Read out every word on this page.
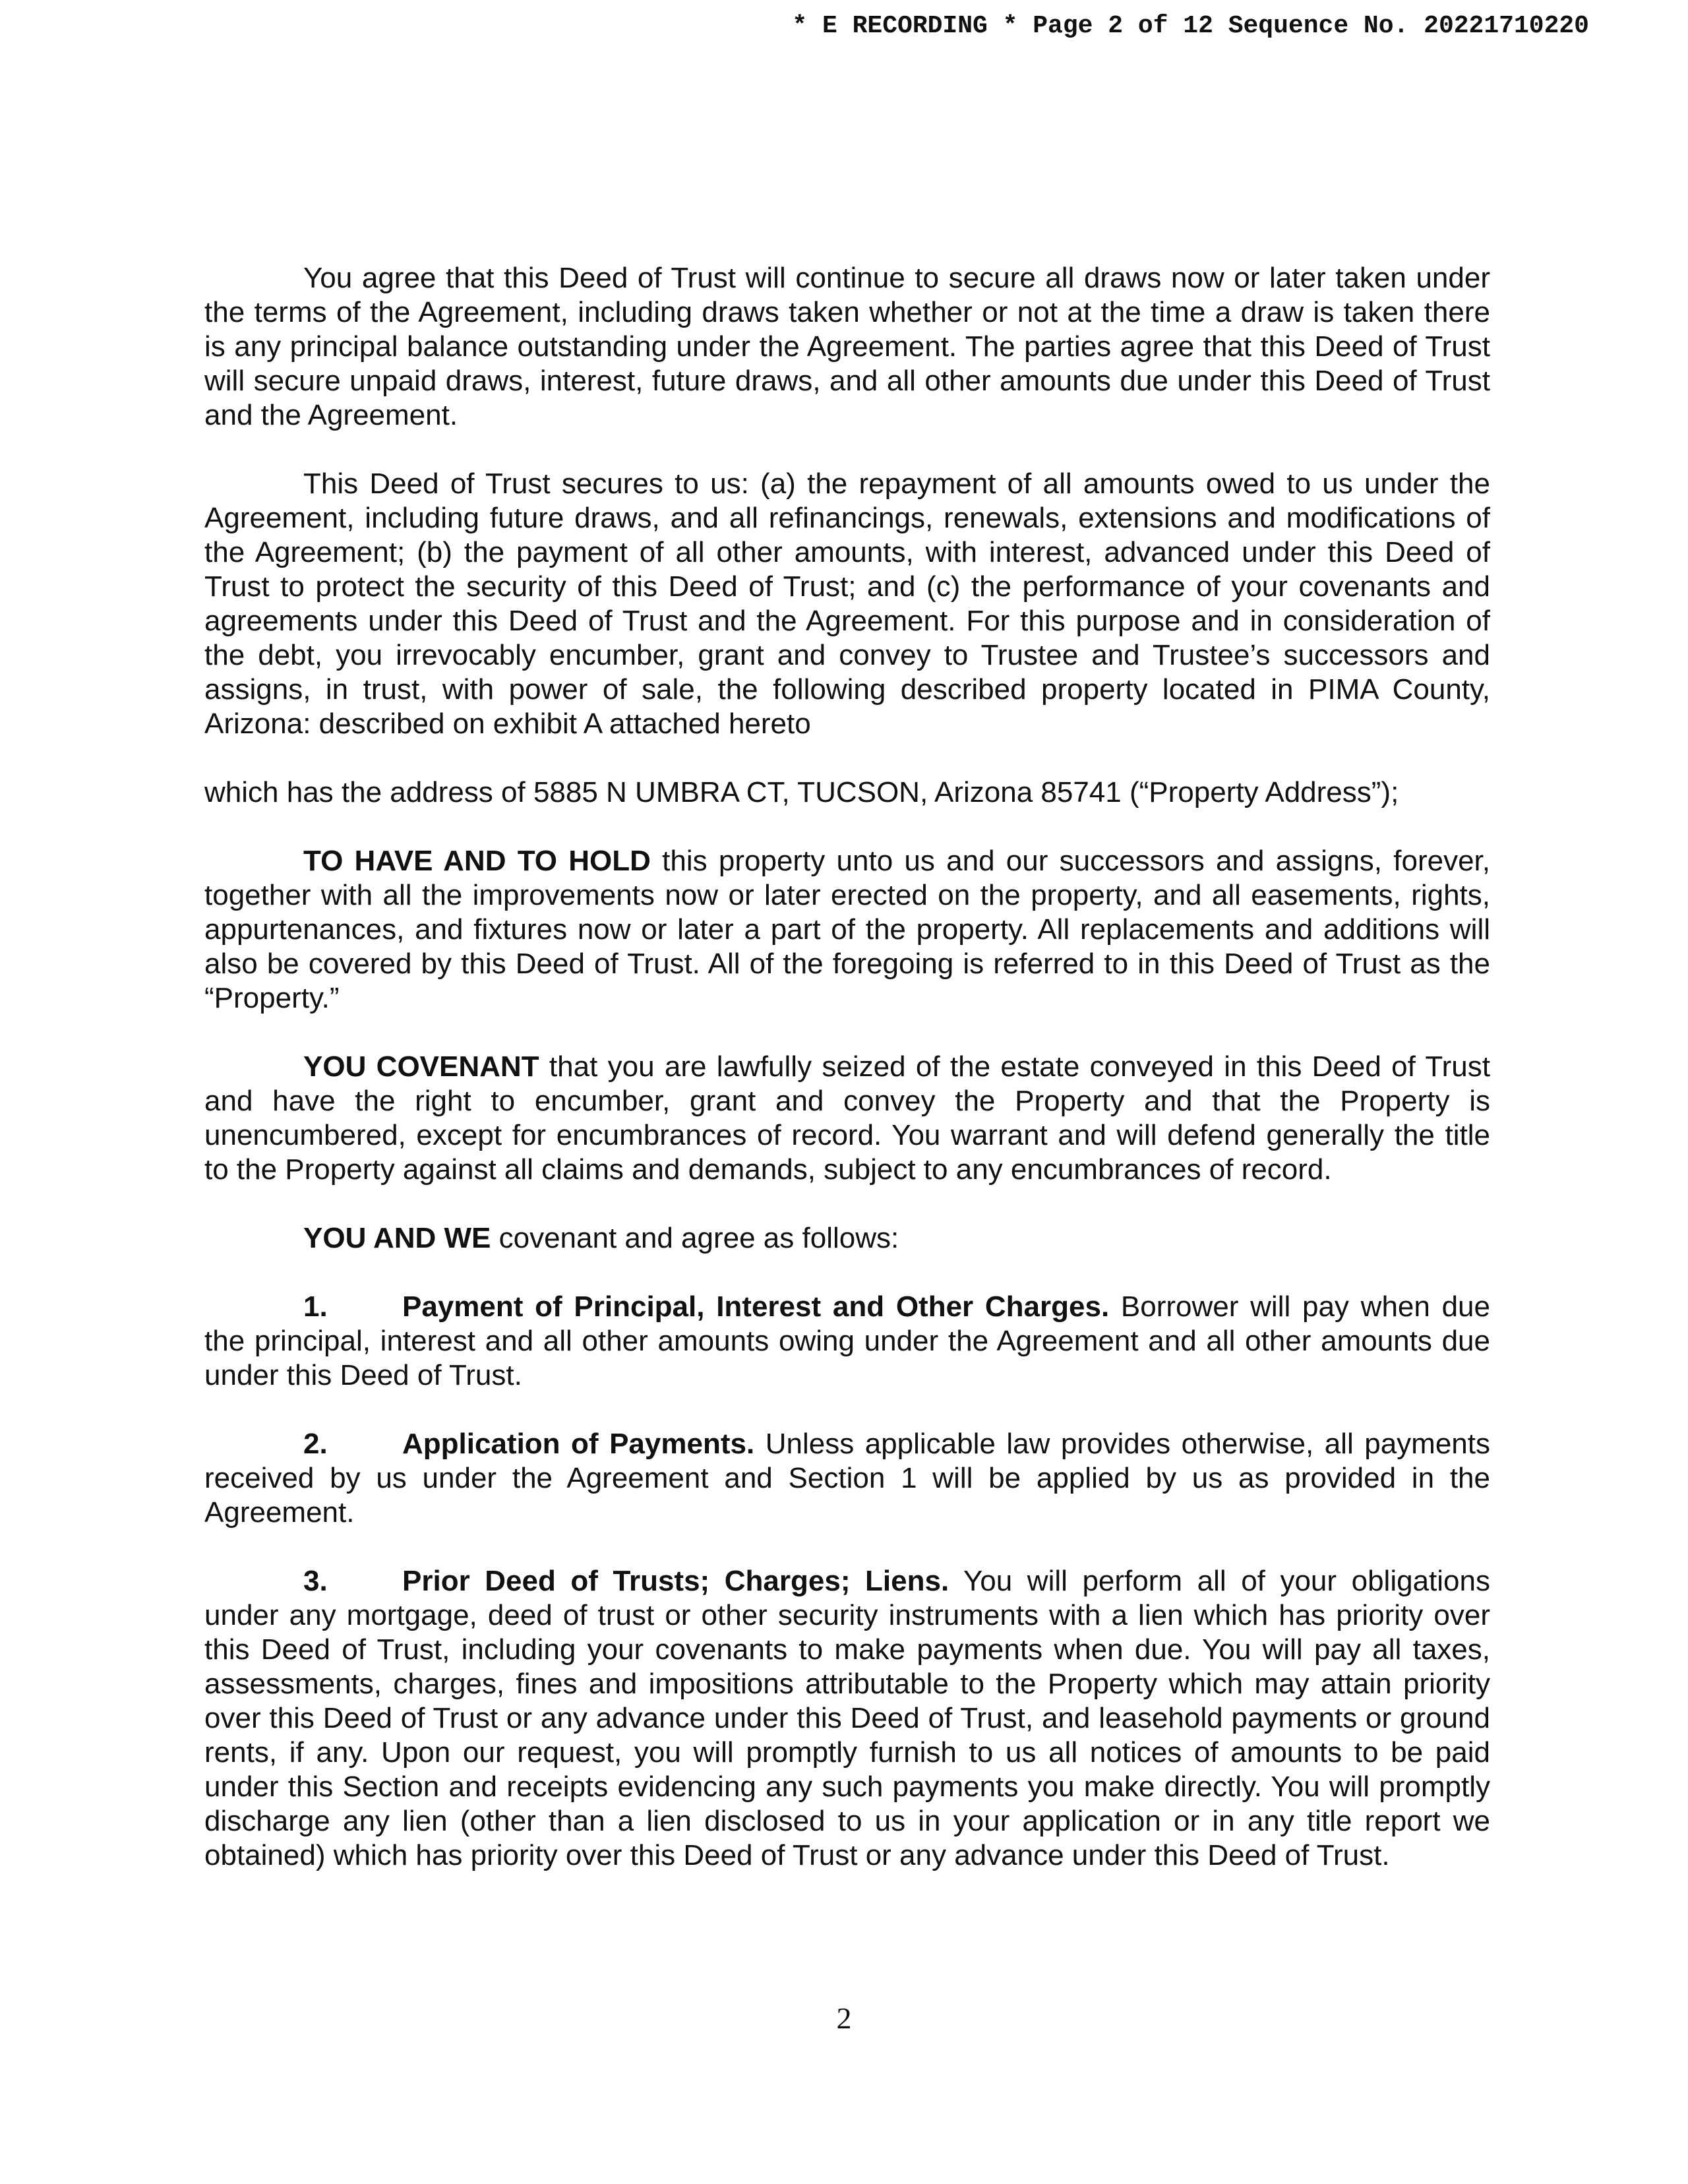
* E RECORDING * Page 2 of 12 Sequence No. 20221710220

You agree that this Deed of Trust will continue to secure all draws now or later taken under the terms of the Agreement, including draws taken whether or not at the time a draw is taken there is any principal balance outstanding under the Agreement. The parties agree that this Deed of Trust will secure unpaid draws, interest, future draws, and all other amounts due under this Deed of Trust and the Agreement.

This Deed of Trust secures to us: (a) the repayment of all amounts owed to us under the Agreement, including future draws, and all refinancings, renewals, extensions and modifications of the Agreement; (b) the payment of all other amounts, with interest, advanced under this Deed of Trust to protect the security of this Deed of Trust; and (c) the performance of your covenants and agreements under this Deed of Trust and the Agreement. For this purpose and in consideration of the debt, you irrevocably encumber, grant and convey to Trustee and Trustee’s successors and assigns, in trust, with power of sale, the following described property located in PIMA County, Arizona: described on exhibit A attached hereto

which has the address of 5885 N UMBRA CT, TUCSON, Arizona 85741 (“Property Address”);

TO HAVE AND TO HOLD this property unto us and our successors and assigns, forever, together with all the improvements now or later erected on the property, and all easements, rights, appurtenances, and fixtures now or later a part of the property. All replacements and additions will also be covered by this Deed of Trust. All of the foregoing is referred to in this Deed of Trust as the “Property.”

YOU COVENANT that you are lawfully seized of the estate conveyed in this Deed of Trust and have the right to encumber, grant and convey the Property and that the Property is unencumbered, except for encumbrances of record. You warrant and will defend generally the title to the Property against all claims and demands, subject to any encumbrances of record.

YOU AND WE covenant and agree as follows:

1.	Payment of Principal, Interest and Other Charges. Borrower will pay when due the principal, interest and all other amounts owing under the Agreement and all other amounts due under this Deed of Trust.

2.	Application of Payments. Unless applicable law provides otherwise, all payments received by us under the Agreement and Section 1 will be applied by us as provided in the Agreement.

3.	Prior Deed of Trusts; Charges; Liens. You will perform all of your obligations under any mortgage, deed of trust or other security instruments with a lien which has priority over this Deed of Trust, including your covenants to make payments when due. You will pay all taxes, assessments, charges, fines and impositions attributable to the Property which may attain priority over this Deed of Trust or any advance under this Deed of Trust, and leasehold payments or ground rents, if any. Upon our request, you will promptly furnish to us all notices of amounts to be paid under this Section and receipts evidencing any such payments you make directly. You will promptly discharge any lien (other than a lien disclosed to us in your application or in any title report we obtained) which has priority over this Deed of Trust or any advance under this Deed of Trust.

2
